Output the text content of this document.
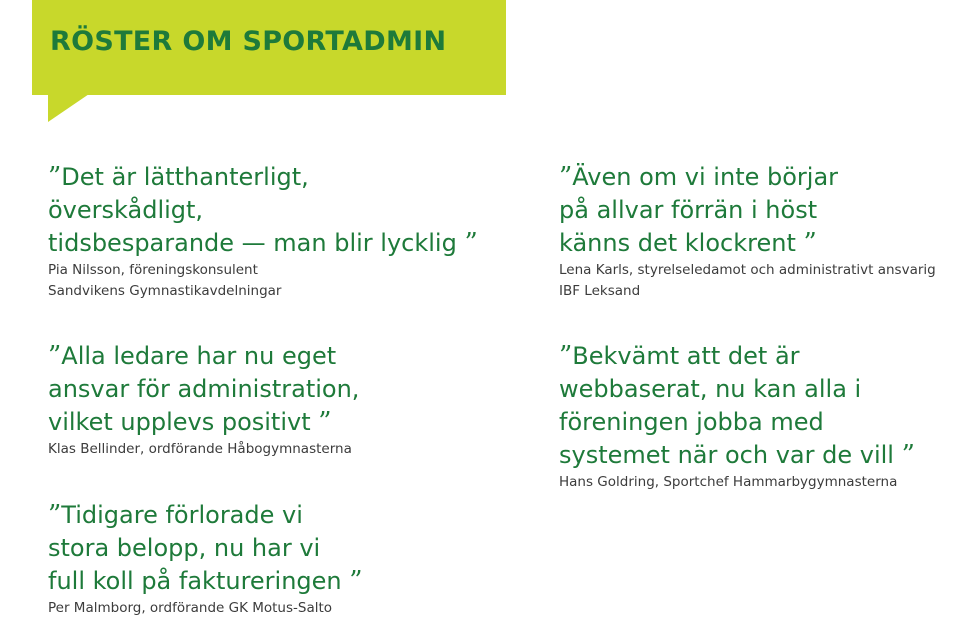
RÖSTER OM SPORTADMIN

”Det är lätthanterligt,
överskådligt,
tidsbesparande — man blir lycklig ”

Pia Nilsson, föreningskonsulent
Sandvikens Gymnastikavdelningar

”Alla ledare har nu eget
ansvar för administration,
vilket upplevs positivt ”

Klas Bellinder, ordförande Håbogymnasterna

”Tidigare förlorade vi
stora belopp, nu har vi
full koll på faktureringen ”

Per Malmborg, ordförande GK Motus-Salto

”Även om vi inte börjar
på allvar förrän i höst
känns det klockrent ”

Lena Karls, styrelseledamot och administrativt ansvarig
IBF Leksand

”Bekvämt att det är
webbaserat, nu kan alla i
föreningen jobba med
systemet när och var de vill ”

Hans Goldring, Sportchef Hammarbygymnasterna
